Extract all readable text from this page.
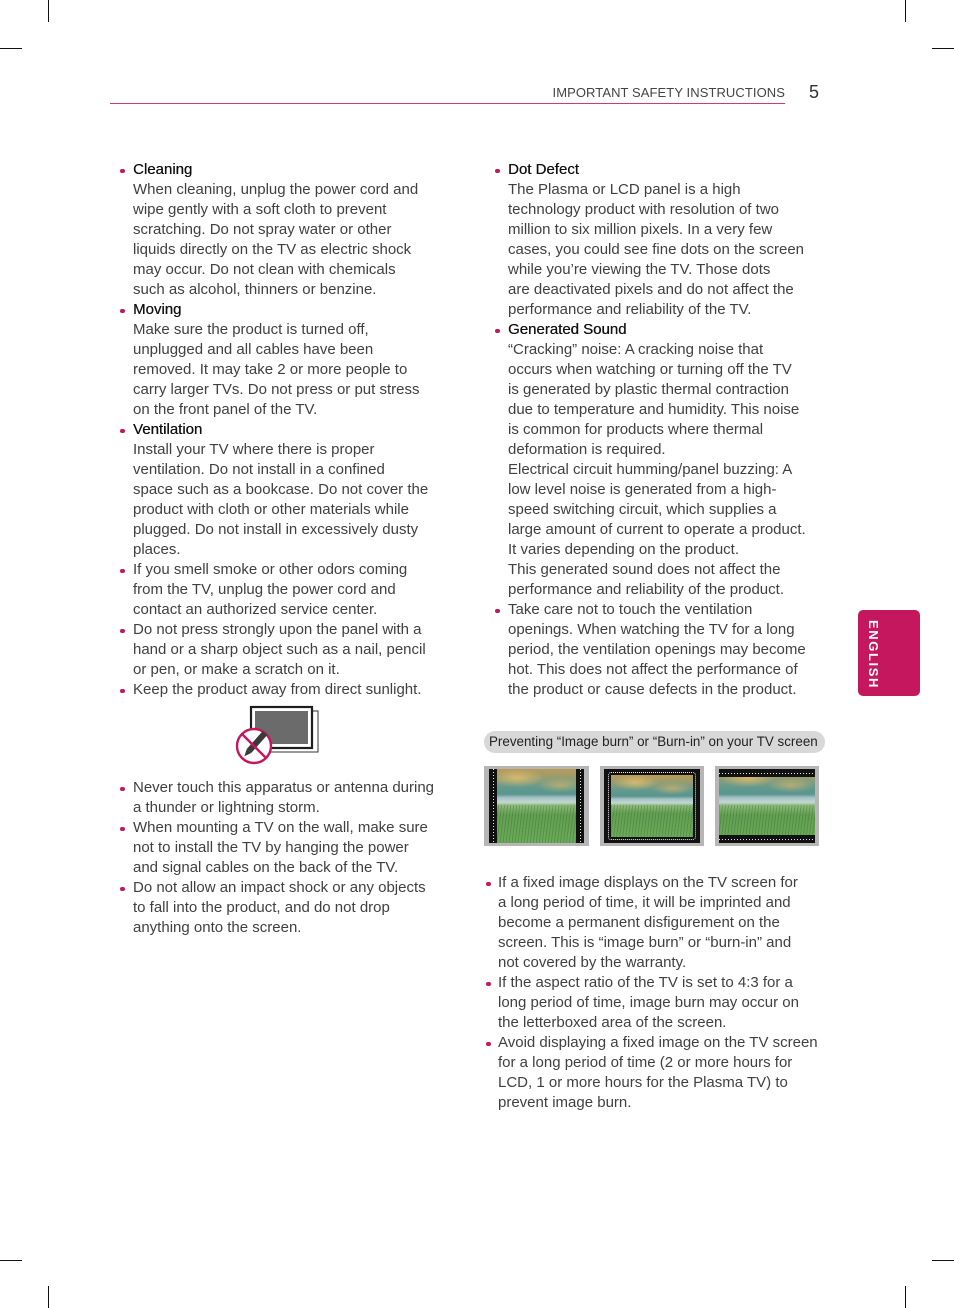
IMPORTANT SAFETY INSTRUCTIONS 5
Cleaning
When cleaning, unplug the power cord and
wipe gently with a soft cloth to prevent
scratching. Do not spray water or other
liquids directly on the TV as electric shock
may occur. Do not clean with chemicals
such as alcohol, thinners or benzine.
Moving
Make sure the product is turned off,
unplugged and all cables have been
removed. It may take 2 or more people to
carry larger TVs. Do not press or put stress
on the front panel of the TV.
Ventilation
Install your TV where there is proper
ventilation. Do not install in a confined
space such as a bookcase. Do not cover the
product with cloth or other materials while
plugged. Do not install in excessively dusty
places.
If you smell smoke or other odors coming
from the TV, unplug the power cord and
contact an authorized service center.
Do not press strongly upon the panel with a
hand or a sharp object such as a nail, pencil
or pen, or make a scratch on it.
Keep the product away from direct sunlight.
Never touch this apparatus or antenna during
a thunder or lightning storm.
When mounting a TV on the wall, make sure
not to install the TV by hanging the power
and signal cables on the back of the TV.
Do not allow an impact shock or any objects
to fall into the product, and do not drop
anything onto the screen.
Dot Defect
The Plasma or LCD panel is a high
technology product with resolution of two
million to six million pixels. In a very few
cases, you could see fine dots on the screen
while you’re viewing the TV. Those dots
are deactivated pixels and do not affect the
performance and reliability of the TV.
Generated Sound
“Cracking” noise: A cracking noise that
occurs when watching or turning off the TV
is generated by plastic thermal contraction
due to temperature and humidity. This noise
is common for products where thermal
deformation is required.
Electrical circuit humming/panel buzzing: A
low level noise is generated from a high-
speed switching circuit, which supplies a
large amount of current to operate a product.
It varies depending on the product.
This generated sound does not affect the
performance and reliability of the product.
Take care not to touch the ventilation
openings. When watching the TV for a long
period, the ventilation openings may become
hot. This does not affect the performance of
the product or cause defects in the product.
Preventing “Image burn” or “Burn-in” on your TV screen
If a fixed image displays on the TV screen for
a long period of time, it will be imprinted and
become a permanent disfigurement on the
screen. This is “image burn” or “burn-in” and
not covered by the warranty.
If the aspect ratio of the TV is set to 4:3 for a
long period of time, image burn may occur on
the letterboxed area of the screen.
Avoid displaying a fixed image on the TV screen
for a long period of time (2 or more hours for
LCD, 1 or more hours for the Plasma TV) to
prevent image burn.
ENGLISH
